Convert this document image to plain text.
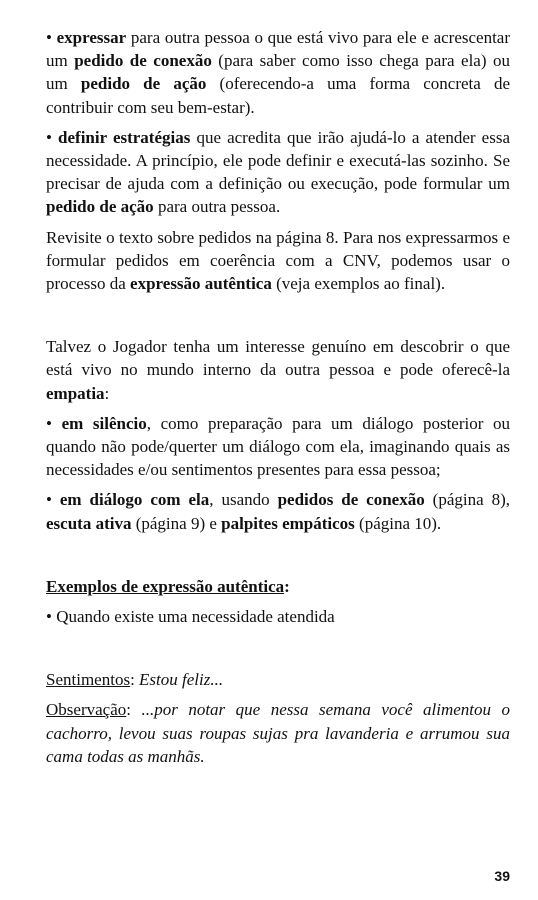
• expressar para outra pessoa o que está vivo para ele e acrescentar um pedido de conexão (para saber como isso chega para ela) ou um pedido de ação (oferecendo-a uma forma concreta de contribuir com seu bem-estar).

• definir estratégias que acredita que irão ajudá-lo a atender essa necessidade. A princípio, ele pode definir e executá-las sozinho. Se precisar de ajuda com a definição ou execução, pode formular um pedido de ação para outra pessoa.

Revisite o texto sobre pedidos na página 8. Para nos expressarmos e formular pedidos em coerência com a CNV, podemos usar o processo da expressão autêntica (veja exemplos ao final).

Talvez o Jogador tenha um interesse genuíno em descobrir o que está vivo no mundo interno da outra pessoa e pode oferecê-la empatia:

• em silêncio, como preparação para um diálogo posterior ou quando não pode/querter um diálogo com ela, imaginando quais as necessidades e/ou sentimentos presentes para essa pessoa;

• em diálogo com ela, usando pedidos de conexão (página 8), escuta ativa (página 9) e palpites empáticos (página 10).

Exemplos de expressão autêntica:

• Quando existe uma necessidade atendida

Sentimentos: Estou feliz...

Observação: ...por notar que nessa semana você alimentou o cachorro, levou suas roupas sujas pra lavanderia e arrumou sua cama todas as manhãs.

39
